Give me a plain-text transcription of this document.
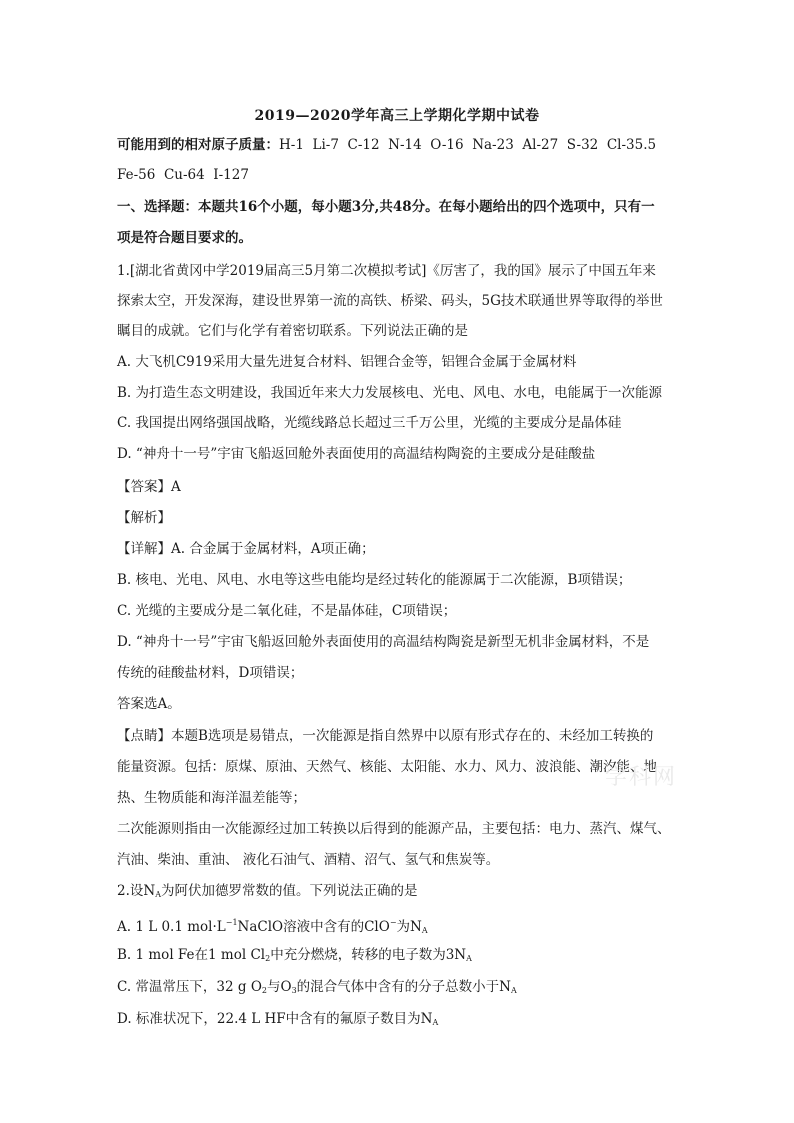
2019—2020学年高三上学期化学期中试卷
可能用到的相对原子质量：H-1  Li-7  C-12  N-14  O-16  Na-23  Al-27  S-32  Cl-35.5
Fe-56  Cu-64  I-127
一、选择题：本题共16个小题，每小题3分,共48分。在每小题给出的四个选项中，只有一
项是符合题目要求的。
1.[湖北省黄冈中学2019届高三5月第二次模拟考试]《厉害了，我的国》展示了中国五年来
探索太空，开发深海，建设世界第一流的高铁、桥梁、码头，5G技术联通世界等取得的举世
瞩目的成就。它们与化学有着密切联系。下列说法正确的是
A. 大飞机C919采用大量先进复合材料、铝锂合金等，铝锂合金属于金属材料
B. 为打造生态文明建设，我国近年来大力发展核电、光电、风电、水电，电能属于一次能源
C. 我国提出网络强国战略，光缆线路总长超过三千万公里，光缆的主要成分是晶体硅
D. “神舟十一号”宇宙飞船返回舱外表面使用的高温结构陶瓷的主要成分是硅酸盐
【答案】A
【解析】
【详解】A. 合金属于金属材料，A项正确；
B. 核电、光电、风电、水电等这些电能均是经过转化的能源属于二次能源，B项错误；
C. 光缆的主要成分是二氧化硅，不是晶体硅，C项错误；
D. “神舟十一号”宇宙飞船返回舱外表面使用的高温结构陶瓷是新型无机非金属材料，不是
传统的硅酸盐材料，D项错误；
答案选A。
【点睛】本题B选项是易错点，一次能源是指自然界中以原有形式存在的、未经加工转换的
能量资源。包括：原煤、原油、天然气、核能、太阳能、水力、风力、波浪能、潮汐能、地
热、生物质能和海洋温差能等；
二次能源则指由一次能源经过加工转换以后得到的能源产品，主要包括：电力、蒸汽、煤气、
汽油、柴油、重油、 液化石油气、酒精、沼气、氢气和焦炭等。
2.设$N_A$为阿伏加德罗常数的值。下列说法正确的是
A. 1 L 0.1 $mol\cdot L^{-1}NaClO$溶液中含有的ClO−为$N_A$
B. 1 mol Fe在1 mol $Cl_2$中充分燃烧，转移的电子数为$3N_A$
C. 常温常压下，32 g $O_2$与$O_3$的混合气体中含有的分子总数小于$N_A$
D. 标准状况下，22.4 L HF中含有的氟原子数目为$N_A$
学科网
